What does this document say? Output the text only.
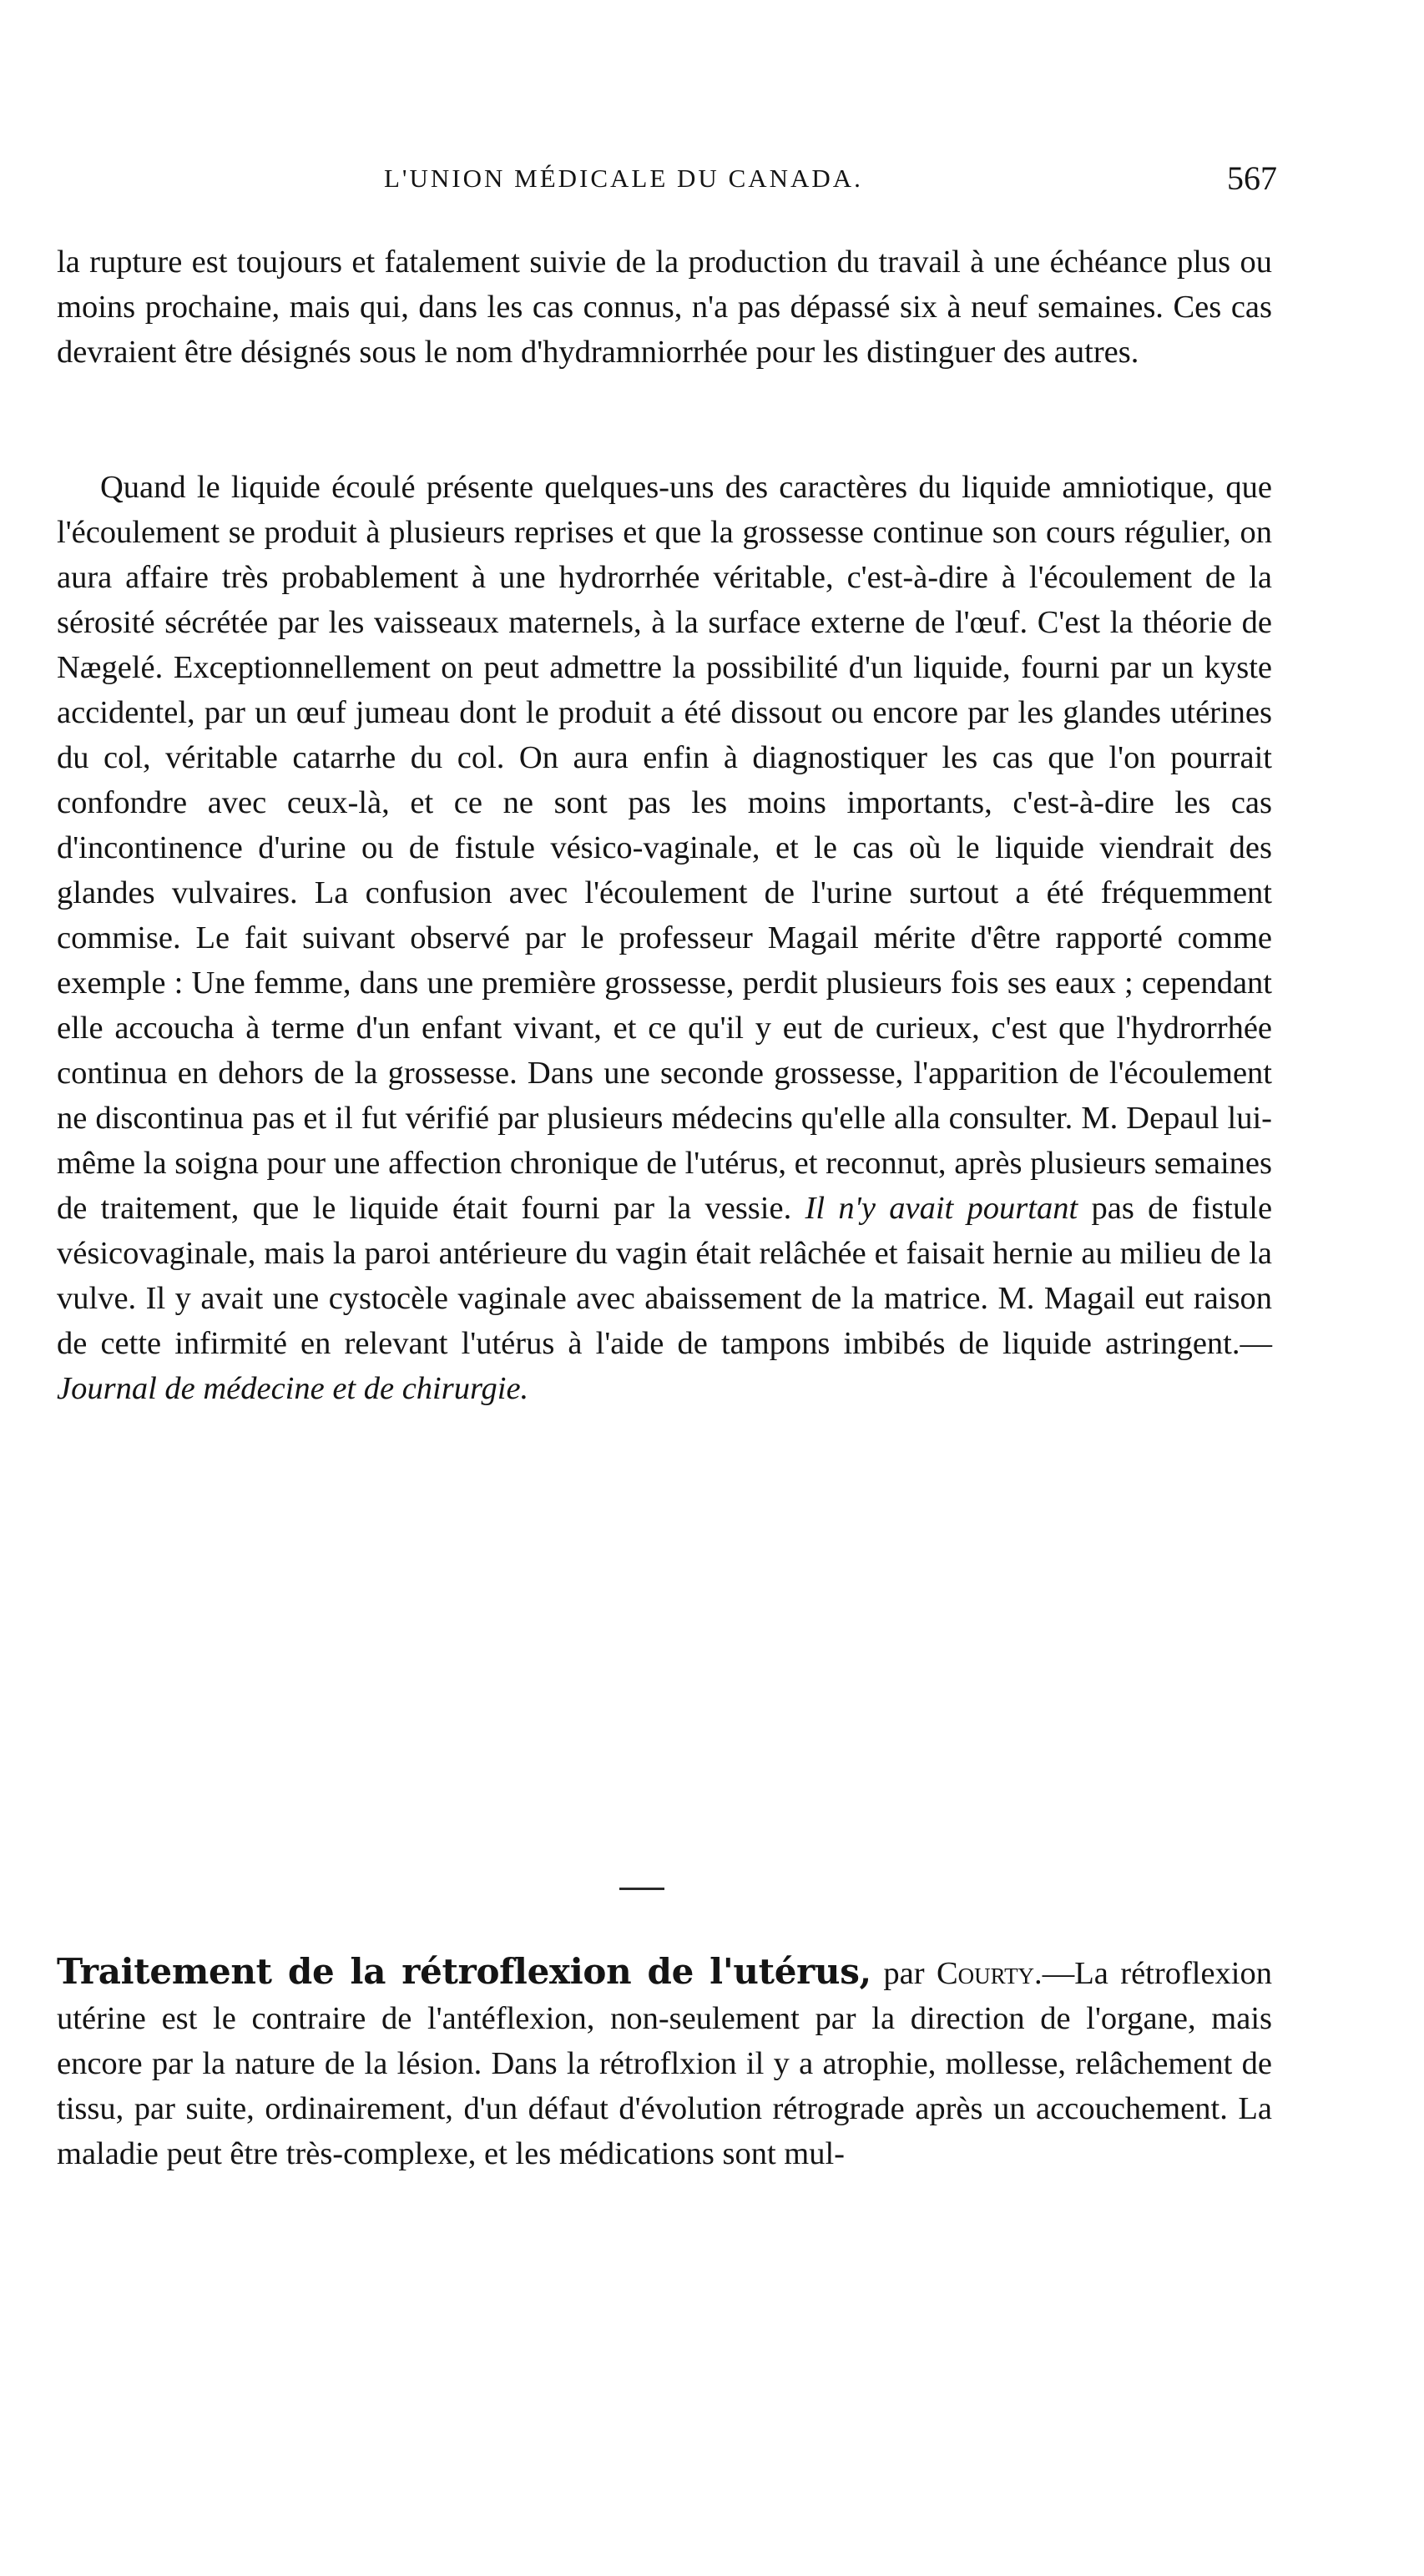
L'UNION MÉDICALE DU CANADA.	567

la rupture est toujours et fatalement suivie de la production du travail à une échéance plus ou moins prochaine, mais qui, dans les cas connus, n'a pas dépassé six à neuf semaines. Ces cas devraient être désignés sous le nom d'hydramniorrhée pour les distinguer des autres.

Quand le liquide écoulé présente quelques-uns des caractères du liquide amniotique, que l'écoulement se produit à plusieurs reprises et que la grossesse continue son cours régulier, on aura affaire très probablement à une hydrorrhée véritable, c'est-à-dire à l'écoulement de la sérosité sécrétée par les vaisseaux maternels, à la surface externe de l'œuf. C'est la théorie de Nægelé. Exceptionnellement on peut admettre la possibilité d'un liquide, fourni par un kyste accidentel, par un œuf jumeau dont le produit a été dissout ou encore par les glandes utérines du col, véritable catarrhe du col. On aura enfin à diagnostiquer les cas que l'on pourrait confondre avec ceux-là, et ce ne sont pas les moins importants, c'est-à-dire les cas d'incontinence d'urine ou de fistule vésico-vaginale, et le cas où le liquide viendrait des glandes vulvaires. La confusion avec l'écoulement de l'urine surtout a été fréquemment commise. Le fait suivant observé par le professeur Magail mérite d'être rapporté comme exemple : Une femme, dans une première grossesse, perdit plusieurs fois ses eaux ; cependant elle accoucha à terme d'un enfant vivant, et ce qu'il y eut de curieux, c'est que l'hydrorrhée continua en dehors de la grossesse. Dans une seconde grossesse, l'apparition de l'écoulement ne discontinua pas et il fut vérifié par plusieurs médecins qu'elle alla consulter. M. Depaul lui-même la soigna pour une affection chronique de l'utérus, et reconnut, après plusieurs semaines de traitement, que le liquide était fourni par la vessie. Il n'y avait pourtant pas de fistule vésicovaginale, mais la paroi antérieure du vagin était relâchée et faisait hernie au milieu de la vulve. Il y avait une cystocèle vaginale avec abaissement de la matrice. M. Magail eut raison de cette infirmité en relevant l'utérus à l'aide de tampons imbibés de liquide astringent.—Journal de médecine et de chirurgie.

Traitement de la rétroflexion de l'utérus, par Courty.—La rétroflexion utérine est le contraire de l'antéflexion, non-seulement par la direction de l'organe, mais encore par la nature de la lésion. Dans la rétroflxion il y a atrophie, mollesse, relâchement de tissu, par suite, ordinairement, d'un défaut d'évolution rétrograde après un accouchement. La maladie peut être très-complexe, et les médications sont mul-
